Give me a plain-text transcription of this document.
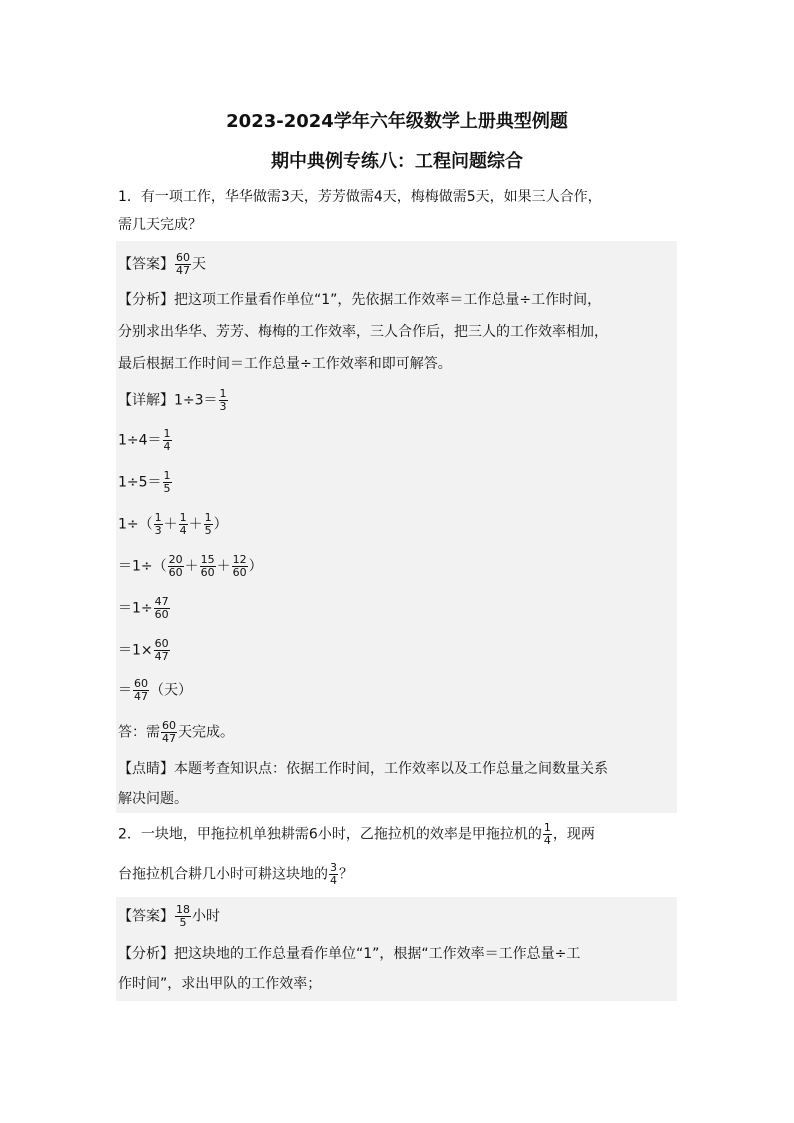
2023-2024学年六年级数学上册典型例题
期中典例专练八：工程问题综合
1．有一项工作，华华做需3天，芳芳做需4天，梅梅做需5天，如果三人合作，
需几天完成？
【答案】 $\frac{60}{47}$ 天
【分析】把这项工作量看作单位“1”，先依据工作效率＝工作总量÷工作时间，
分别求出华华、芳芳、梅梅的工作效率，三人合作后，把三人的工作效率相加，
最后根据工作时间＝工作总量÷工作效率和即可解答。
【详解】$1\div 3= \frac{1}{3}$
$1\div 4= \frac{1}{4}$
$1\div 5= \frac{1}{5}$
$1\div( \frac{1}{3} + \frac{1}{4} + \frac{1}{5}$ ）
$=1\div( \frac{20}{60} + \frac{15}{60} + \frac{12}{60}$ ）
$=1\div \frac{47}{60}$
$=1\times \frac{60}{47}$
＝ $\frac{60}{47}$ （天）
答：需 $\frac{60}{47}$ 天完成。
【点睛】本题考查知识点：依据工作时间，工作效率以及工作总量之间数量关系
解决问题。
2．一块地，甲拖拉机单独耕需6小时，乙拖拉机的效率是甲拖拉机的 $\frac{1}{4}$ ，现两
台拖拉机合耕几小时可耕这块地的 $\frac{3}{4}$ ？
【答案】 $\frac{18}{5}$ 小时
【分析】把这块地的工作总量看作单位“1”，根据“工作效率＝工作总量÷工
作时间”，求出甲队的工作效率；
